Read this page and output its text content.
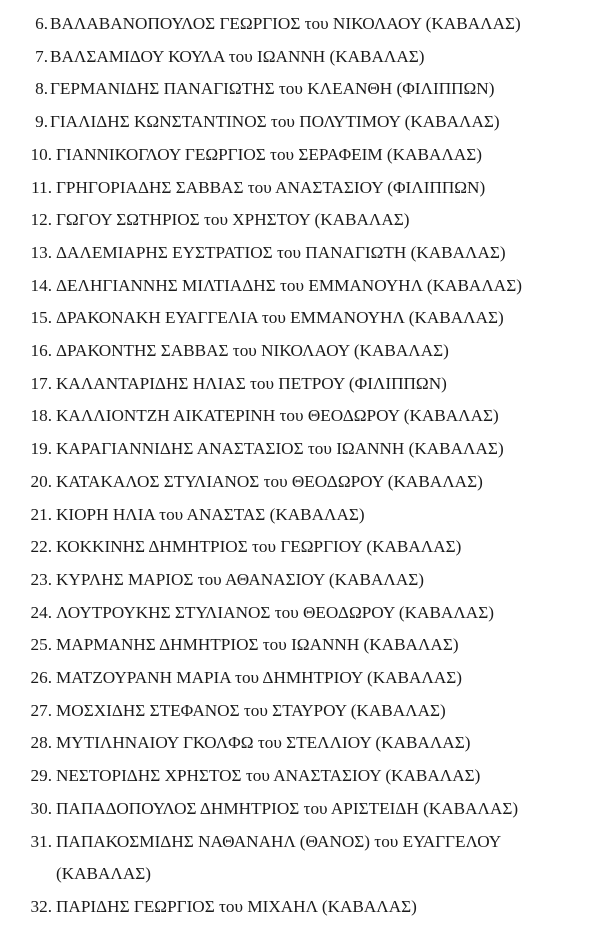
6. ΒΑΛΑΒΑΝΟΠΟΥΛΟΣ ΓΕΩΡΓΙΟΣ του ΝΙΚΟΛΑΟΥ (ΚΑΒΑΛΑΣ)

7. ΒΑΛΣΑΜΙΔΟΥ ΚΟΥΛΑ του ΙΩΑΝΝΗ (ΚΑΒΑΛΑΣ)

8. ΓΕΡΜΑΝΙΔΗΣ ΠΑΝΑΓΙΩΤΗΣ του ΚΛΕΑΝΘΗ (ΦΙΛΙΠΠΩΝ)

9. ΓΙΑΛΙΔΗΣ ΚΩΝΣΤΑΝΤΙΝΟΣ του ΠΟΛΥΤΙΜΟΥ (ΚΑΒΑΛΑΣ)

10. ΓΙΑΝΝΙΚΟΓΛΟΥ ΓΕΩΡΓΙΟΣ του ΣΕΡΑΦΕΙΜ (ΚΑΒΑΛΑΣ)

11. ΓΡΗΓΟΡΙΑΔΗΣ ΣΑΒΒΑΣ του ΑΝΑΣΤΑΣΙΟΥ (ΦΙΛΙΠΠΩΝ)

12. ΓΩΓΟΥ ΣΩΤΗΡΙΟΣ του ΧΡΗΣΤΟΥ (ΚΑΒΑΛΑΣ)

13. ΔΑΛΕΜΙΑΡΗΣ ΕΥΣΤΡΑΤΙΟΣ του ΠΑΝΑΓΙΩΤΗ (ΚΑΒΑΛΑΣ)

14. ΔΕΛΗΓΙΑΝΝΗΣ ΜΙΛΤΙΑΔΗΣ του ΕΜΜΑΝΟΥΗΛ (ΚΑΒΑΛΑΣ)

15. ΔΡΑΚΟΝΑΚΗ ΕΥΑΓΓΕΛΙΑ του ΕΜΜΑΝΟΥΗΛ (ΚΑΒΑΛΑΣ)

16. ΔΡΑΚΟΝΤΗΣ ΣΑΒΒΑΣ του ΝΙΚΟΛΑΟΥ (ΚΑΒΑΛΑΣ)

17. ΚΑΛΑΝΤΑΡΙΔΗΣ ΗΛΙΑΣ του ΠΕΤΡΟΥ (ΦΙΛΙΠΠΩΝ)

18. ΚΑΛΛΙΟΝΤΖΗ ΑΙΚΑΤΕΡΙΝΗ του ΘΕΟΔΩΡΟΥ (ΚΑΒΑΛΑΣ)

19. ΚΑΡΑΓΙΑΝΝΙΔΗΣ ΑΝΑΣΤΑΣΙΟΣ του ΙΩΑΝΝΗ (ΚΑΒΑΛΑΣ)

20. ΚΑΤΑΚΑΛΟΣ ΣΤΥΛΙΑΝΟΣ του ΘΕΟΔΩΡΟΥ (ΚΑΒΑΛΑΣ)

21. ΚΙΟΡΗ ΗΛΙΑ του ΑΝΑΣΤΑΣ (ΚΑΒΑΛΑΣ)

22. ΚΟΚΚΙΝΗΣ ΔΗΜΗΤΡΙΟΣ του ΓΕΩΡΓΙΟΥ (ΚΑΒΑΛΑΣ)

23. ΚΥΡΛΗΣ ΜΑΡΙΟΣ του ΑΘΑΝΑΣΙΟΥ (ΚΑΒΑΛΑΣ)

24. ΛΟΥΤΡΟΥΚΗΣ ΣΤΥΛΙΑΝΟΣ του ΘΕΟΔΩΡΟΥ (ΚΑΒΑΛΑΣ)

25. ΜΑΡΜΑΝΗΣ ΔΗΜΗΤΡΙΟΣ του ΙΩΑΝΝΗ (ΚΑΒΑΛΑΣ)

26. ΜΑΤΖΟΥΡΑΝΗ ΜΑΡΙΑ του ΔΗΜΗΤΡΙΟΥ (ΚΑΒΑΛΑΣ)

27. ΜΟΣΧΙΔΗΣ ΣΤΕΦΑΝΟΣ του ΣΤΑΥΡΟΥ (ΚΑΒΑΛΑΣ)

28. ΜΥΤΙΛΗΝΑΙΟΥ ΓΚΟΛΦΩ του ΣΤΕΛΛΙΟΥ (ΚΑΒΑΛΑΣ)

29. ΝΕΣΤΟΡΙΔΗΣ ΧΡΗΣΤΟΣ του ΑΝΑΣΤΑΣΙΟΥ (ΚΑΒΑΛΑΣ)

30. ΠΑΠΑΔΟΠΟΥΛΟΣ ΔΗΜΗΤΡΙΟΣ του ΑΡΙΣΤΕΙΔΗ (ΚΑΒΑΛΑΣ)

31. ΠΑΠΑΚΟΣΜΙΔΗΣ ΝΑΘΑΝΑΗΛ (ΘΑΝΟΣ) του ΕΥΑΓΓΕΛΟΥ

(ΚΑΒΑΛΑΣ)
32. ΠΑΡΙΔΗΣ ΓΕΩΡΓΙΟΣ του ΜΙΧΑΗΛ (ΚΑΒΑΛΑΣ)
